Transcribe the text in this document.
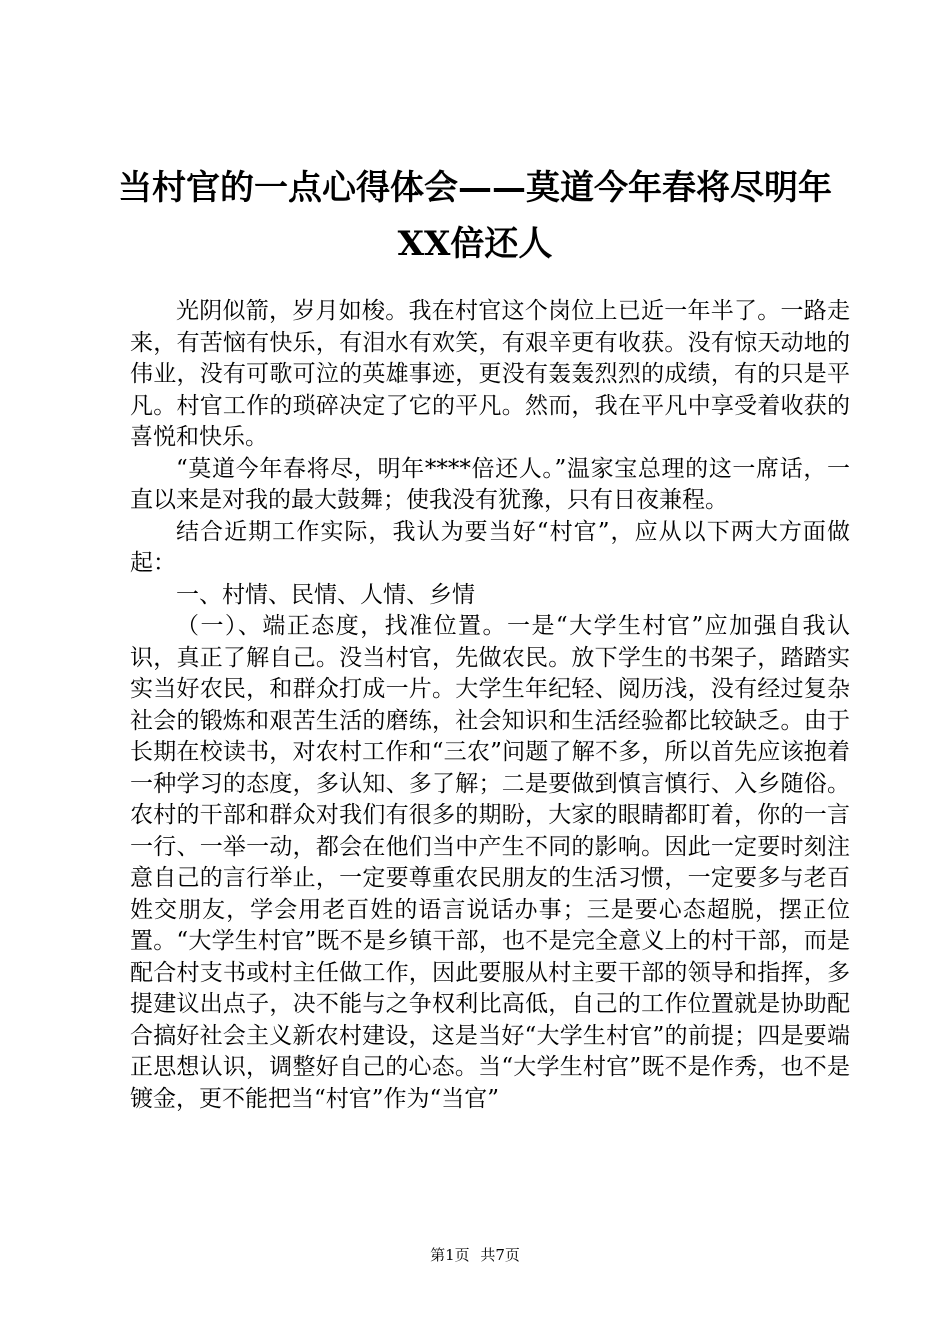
当村官的一点心得体会——莫道今年春将尽明年XX倍还人

光阴似箭，岁月如梭。我在村官这个岗位上已近一年半了。一路走来，有苦恼有快乐，有泪水有欢笑，有艰辛更有收获。没有惊天动地的伟业，没有可歌可泣的英雄事迹，更没有轰轰烈烈的成绩，有的只是平凡。村官工作的琐碎决定了它的平凡。然而，我在平凡中享受着收获的喜悦和快乐。

“莫道今年春将尽，明年****倍还人。”温家宝总理的这一席话，一直以来是对我的最大鼓舞；使我没有犹豫，只有日夜兼程。

结合近期工作实际，我认为要当好“村官”，应从以下两大方面做起：

一、村情、民情、人情、乡情

（一）、端正态度，找准位置。一是“大学生村官”应加强自我认识，真正了解自己。没当村官，先做农民。放下学生的书架子，踏踏实实当好农民，和群众打成一片。大学生年纪轻、阅历浅，没有经过复杂社会的锻炼和艰苦生活的磨练，社会知识和生活经验都比较缺乏。由于长期在校读书，对农村工作和“三农”问题了解不多，所以首先应该抱着一种学习的态度，多认知、多了解；二是要做到慎言慎行、入乡随俗。农村的干部和群众对我们有很多的期盼，大家的眼睛都盯着，你的一言一行、一举一动，都会在他们当中产生不同的影响。因此一定要时刻注意自己的言行举止，一定要尊重农民朋友的生活习惯，一定要多与老百姓交朋友，学会用老百姓的语言说话办事；三是要心态超脱，摆正位置。“大学生村官”既不是乡镇干部，也不是完全意义上的村干部，而是配合村支书或村主任做工作，因此要服从村主要干部的领导和指挥，多提建议出点子，决不能与之争权利比高低，自己的工作位置就是协助配合搞好社会主义新农村建设，这是当好“大学生村官”的前提；四是要端正思想认识，调整好自己的心态。当“大学生村官”既不是作秀，也不是镀金，更不能把当“村官”作为“当官”

第1页 共7页
